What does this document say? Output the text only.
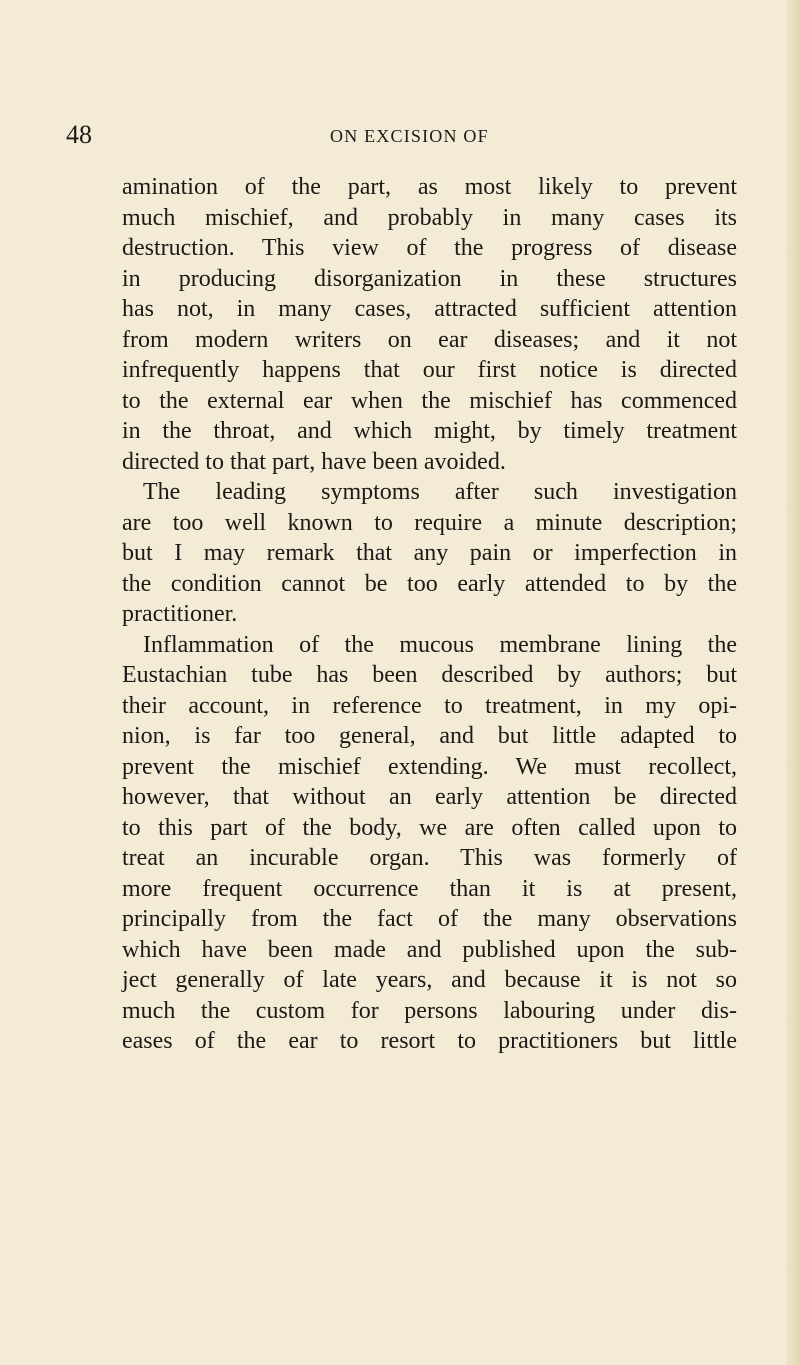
48	ON EXCISION OF
amination of the part, as most likely to prevent
much mischief, and probably in many cases its
destruction. This view of the progress of disease
in producing disorganization in these structures
has not, in many cases, attracted sufficient attention
from modern writers on ear diseases; and it not
infrequently happens that our first notice is directed
to the external ear when the mischief has commenced
in the throat, and which might, by timely treatment
directed to that part, have been avoided.
The leading symptoms after such investigation
are too well known to require a minute description;
but I may remark that any pain or imperfection in
the condition cannot be too early attended to by the
practitioner.
Inflammation of the mucous membrane lining the
Eustachian tube has been described by authors; but
their account, in reference to treatment, in my opi-
nion, is far too general, and but little adapted to
prevent the mischief extending. We must recollect,
however, that without an early attention be directed
to this part of the body, we are often called upon to
treat an incurable organ. This was formerly of
more frequent occurrence than it is at present,
principally from the fact of the many observations
which have been made and published upon the sub-
ject generally of late years, and because it is not so
much the custom for persons labouring under dis-
eases of the ear to resort to practitioners but little
